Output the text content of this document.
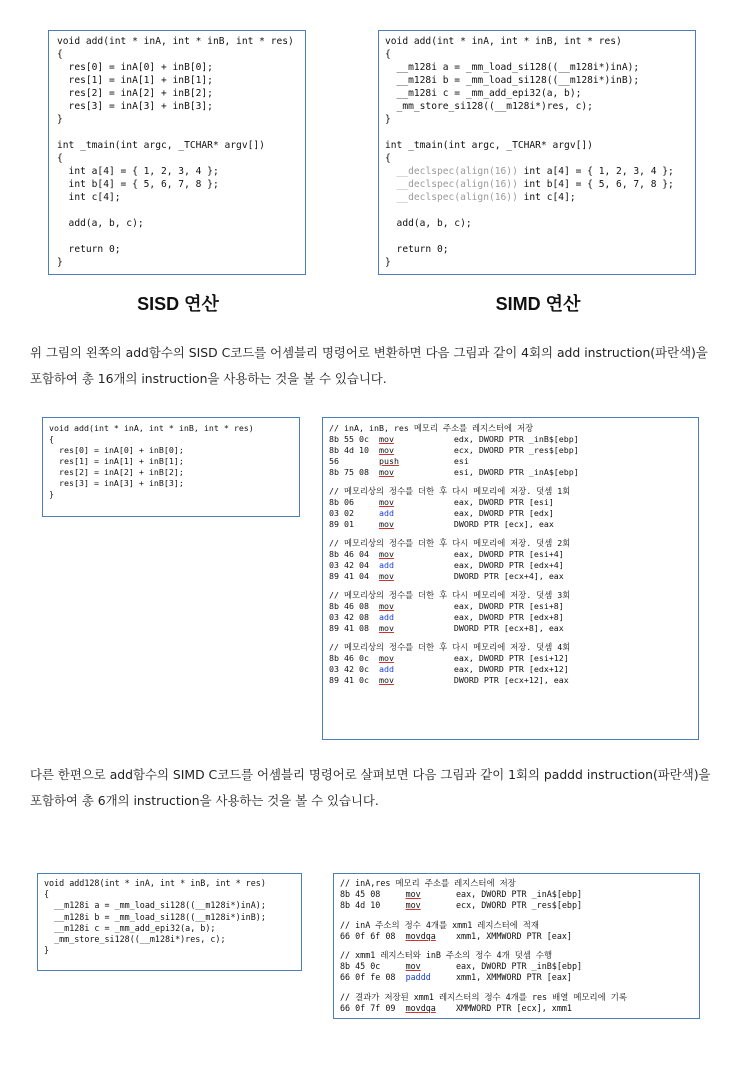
void add(int * inA, int * inB, int * res)
{
res[0] = inA[0] + inB[0];
res[1] = inA[1] + inB[1];
res[2] = inA[2] + inB[2];
res[3] = inA[3] + inB[3];
}

int _tmain(int argc, _TCHAR* argv[])
{
int a[4] = { 1, 2, 3, 4 };
int b[4] = { 5, 6, 7, 8 };
int c[4];

add(a, b, c);

return 0;
}
void add(int * inA, int * inB, int * res)
{
__m128i a = _mm_load_si128((__m128i*)inA);
__m128i b = _mm_load_si128((__m128i*)inB);
__m128i c = _mm_add_epi32(a, b);
_mm_store_si128((__m128i*)res, c);
}

int _tmain(int argc, _TCHAR* argv[])
{
__declspec(align(16)) int a[4] = { 1, 2, 3, 4 };
__declspec(align(16)) int b[4] = { 5, 6, 7, 8 };
__declspec(align(16)) int c[4];

add(a, b, c);

return 0;
}
SISD 연산	SIMD 연산

위 그림의 왼쪽의 add함수의 SISD C코드를 어셈블리 명령어로 변환하면 다음 그림과 같이 4회의 add instruction(파란색)을 포함하여 총 16개의 instruction을 사용하는 것을 볼 수 있습니다.

void add(int * inA, int * inB, int * res)
{
res[0] = inA[0] + inB[0];
res[1] = inA[1] + inB[1];
res[2] = inA[2] + inB[2];
res[3] = inA[3] + inB[3];
}
// inA, inB, res 메모리 주소를 레지스터에 저장
8b 55 0c  mov	edx, DWORD PTR _inB$[ebp]
8b 4d 10  mov	ecx, DWORD PTR _res$[ebp]
56        push	esi
8b 75 08  mov	esi, DWORD PTR _inA$[ebp]
// 메모리상의 정수를 더한 후 다시 메모리에 저장. 덧셈 1회
8b 06     mov	eax, DWORD PTR [esi]
03 02     add	eax, DWORD PTR [edx]
89 01     mov	DWORD PTR [ecx], eax
// 메모리상의 정수를 더한 후 다시 메모리에 저장. 덧셈 2회
8b 46 04  mov	eax, DWORD PTR [esi+4]
03 42 04  add	eax, DWORD PTR [edx+4]
89 41 04  mov	DWORD PTR [ecx+4], eax
// 메모리상의 정수를 더한 후 다시 메모리에 저장. 덧셈 3회
8b 46 08  mov	eax, DWORD PTR [esi+8]
03 42 08  add	eax, DWORD PTR [edx+8]
89 41 08  mov	DWORD PTR [ecx+8], eax
// 메모리상의 정수를 더한 후 다시 메모리에 저장. 덧셈 4회
8b 46 0c  mov	eax, DWORD PTR [esi+12]
03 42 0c  add	eax, DWORD PTR [edx+12]
89 41 0c  mov	DWORD PTR [ecx+12], eax

다른 한편으로 add함수의 SIMD C코드를 어셈블리 명령어로 살펴보면 다음 그림과 같이 1회의 paddd instruction(파란색)을 포함하여 총 6개의 instruction을 사용하는 것을 볼 수 있습니다.

void add128(int * inA, int * inB, int * res)
{
__m128i a = _mm_load_si128((__m128i*)inA);
__m128i b = _mm_load_si128((__m128i*)inB);
__m128i c = _mm_add_epi32(a, b);
_mm_store_si128((__m128i*)res, c);
}
// inA,res 메모리 주소를 레지스터에 저장
8b 45 08     mov	eax, DWORD PTR _inA$[ebp]
8b 4d 10     mov	ecx, DWORD PTR _res$[ebp]
// inA 주소의 정수 4개를 xmm1 레지스터에 적재
66 0f 6f 08  movdqa xmm1, XMMWORD PTR [eax]
// xmm1 레지스터와 inB 주소의 정수 4개 덧셈 수행
8b 45 0c     mov	eax, DWORD PTR _inB$[ebp]
66 0f fe 08  paddd	xmm1, XMMWORD PTR [eax]
// 결과가 저장된 xmm1 레지스터의 정수 4개를 res 배열 메모리에 기록
66 0f 7f 09  movdqa XMMWORD PTR [ecx], xmm1
